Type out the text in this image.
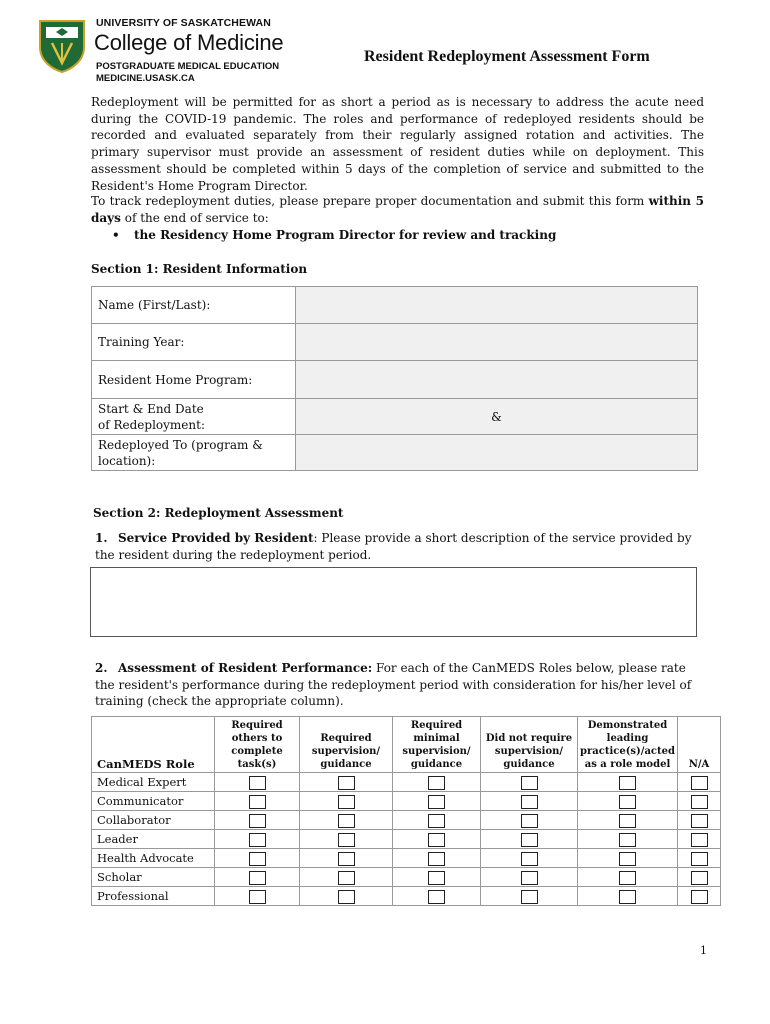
UNIVERSITY OF SASKATCHEWAN
College of Medicine
POSTGRADUATE MEDICAL EDUCATION
MEDICINE.USASK.CA
Resident Redeployment Assessment Form
Redeployment will be permitted for as short a period as is necessary to address the acute need during the COVID-19 pandemic. The roles and performance of redeployed residents should be recorded and evaluated separately from their regularly assigned rotation and activities. The primary supervisor must provide an assessment of resident duties while on deployment. This assessment should be completed within 5 days of the completion of service and submitted to the Resident's Home Program Director.
To track redeployment duties, please prepare proper documentation and submit this form within 5 days of the end of service to:
• the Residency Home Program Director for review and tracking
Section 1: Resident Information
Name (First/Last):	
Training Year:	
Resident Home Program:	
Start & End Date
of Redeployment:	&
Redeployed To (program &
location):	
Section 2: Redeployment Assessment
1. Service Provided by Resident: Please provide a short description of the service provided by the resident during the redeployment period.
2. Assessment of Resident Performance: For each of the CanMEDS Roles below, please rate the resident's performance during the redeployment period with consideration for his/her level of training (check the appropriate column).
CanMEDS Role	Required
others to
complete
task(s)	Required
supervision/
guidance	Required
minimal
supervision/
guidance	Did not require
supervision/
guidance	Demonstrated
leading
practice(s)/acted
as a role model	N/A
Medical Expert						
Communicator						
Collaborator						
Leader						
Health Advocate						
Scholar						
Professional						
1
